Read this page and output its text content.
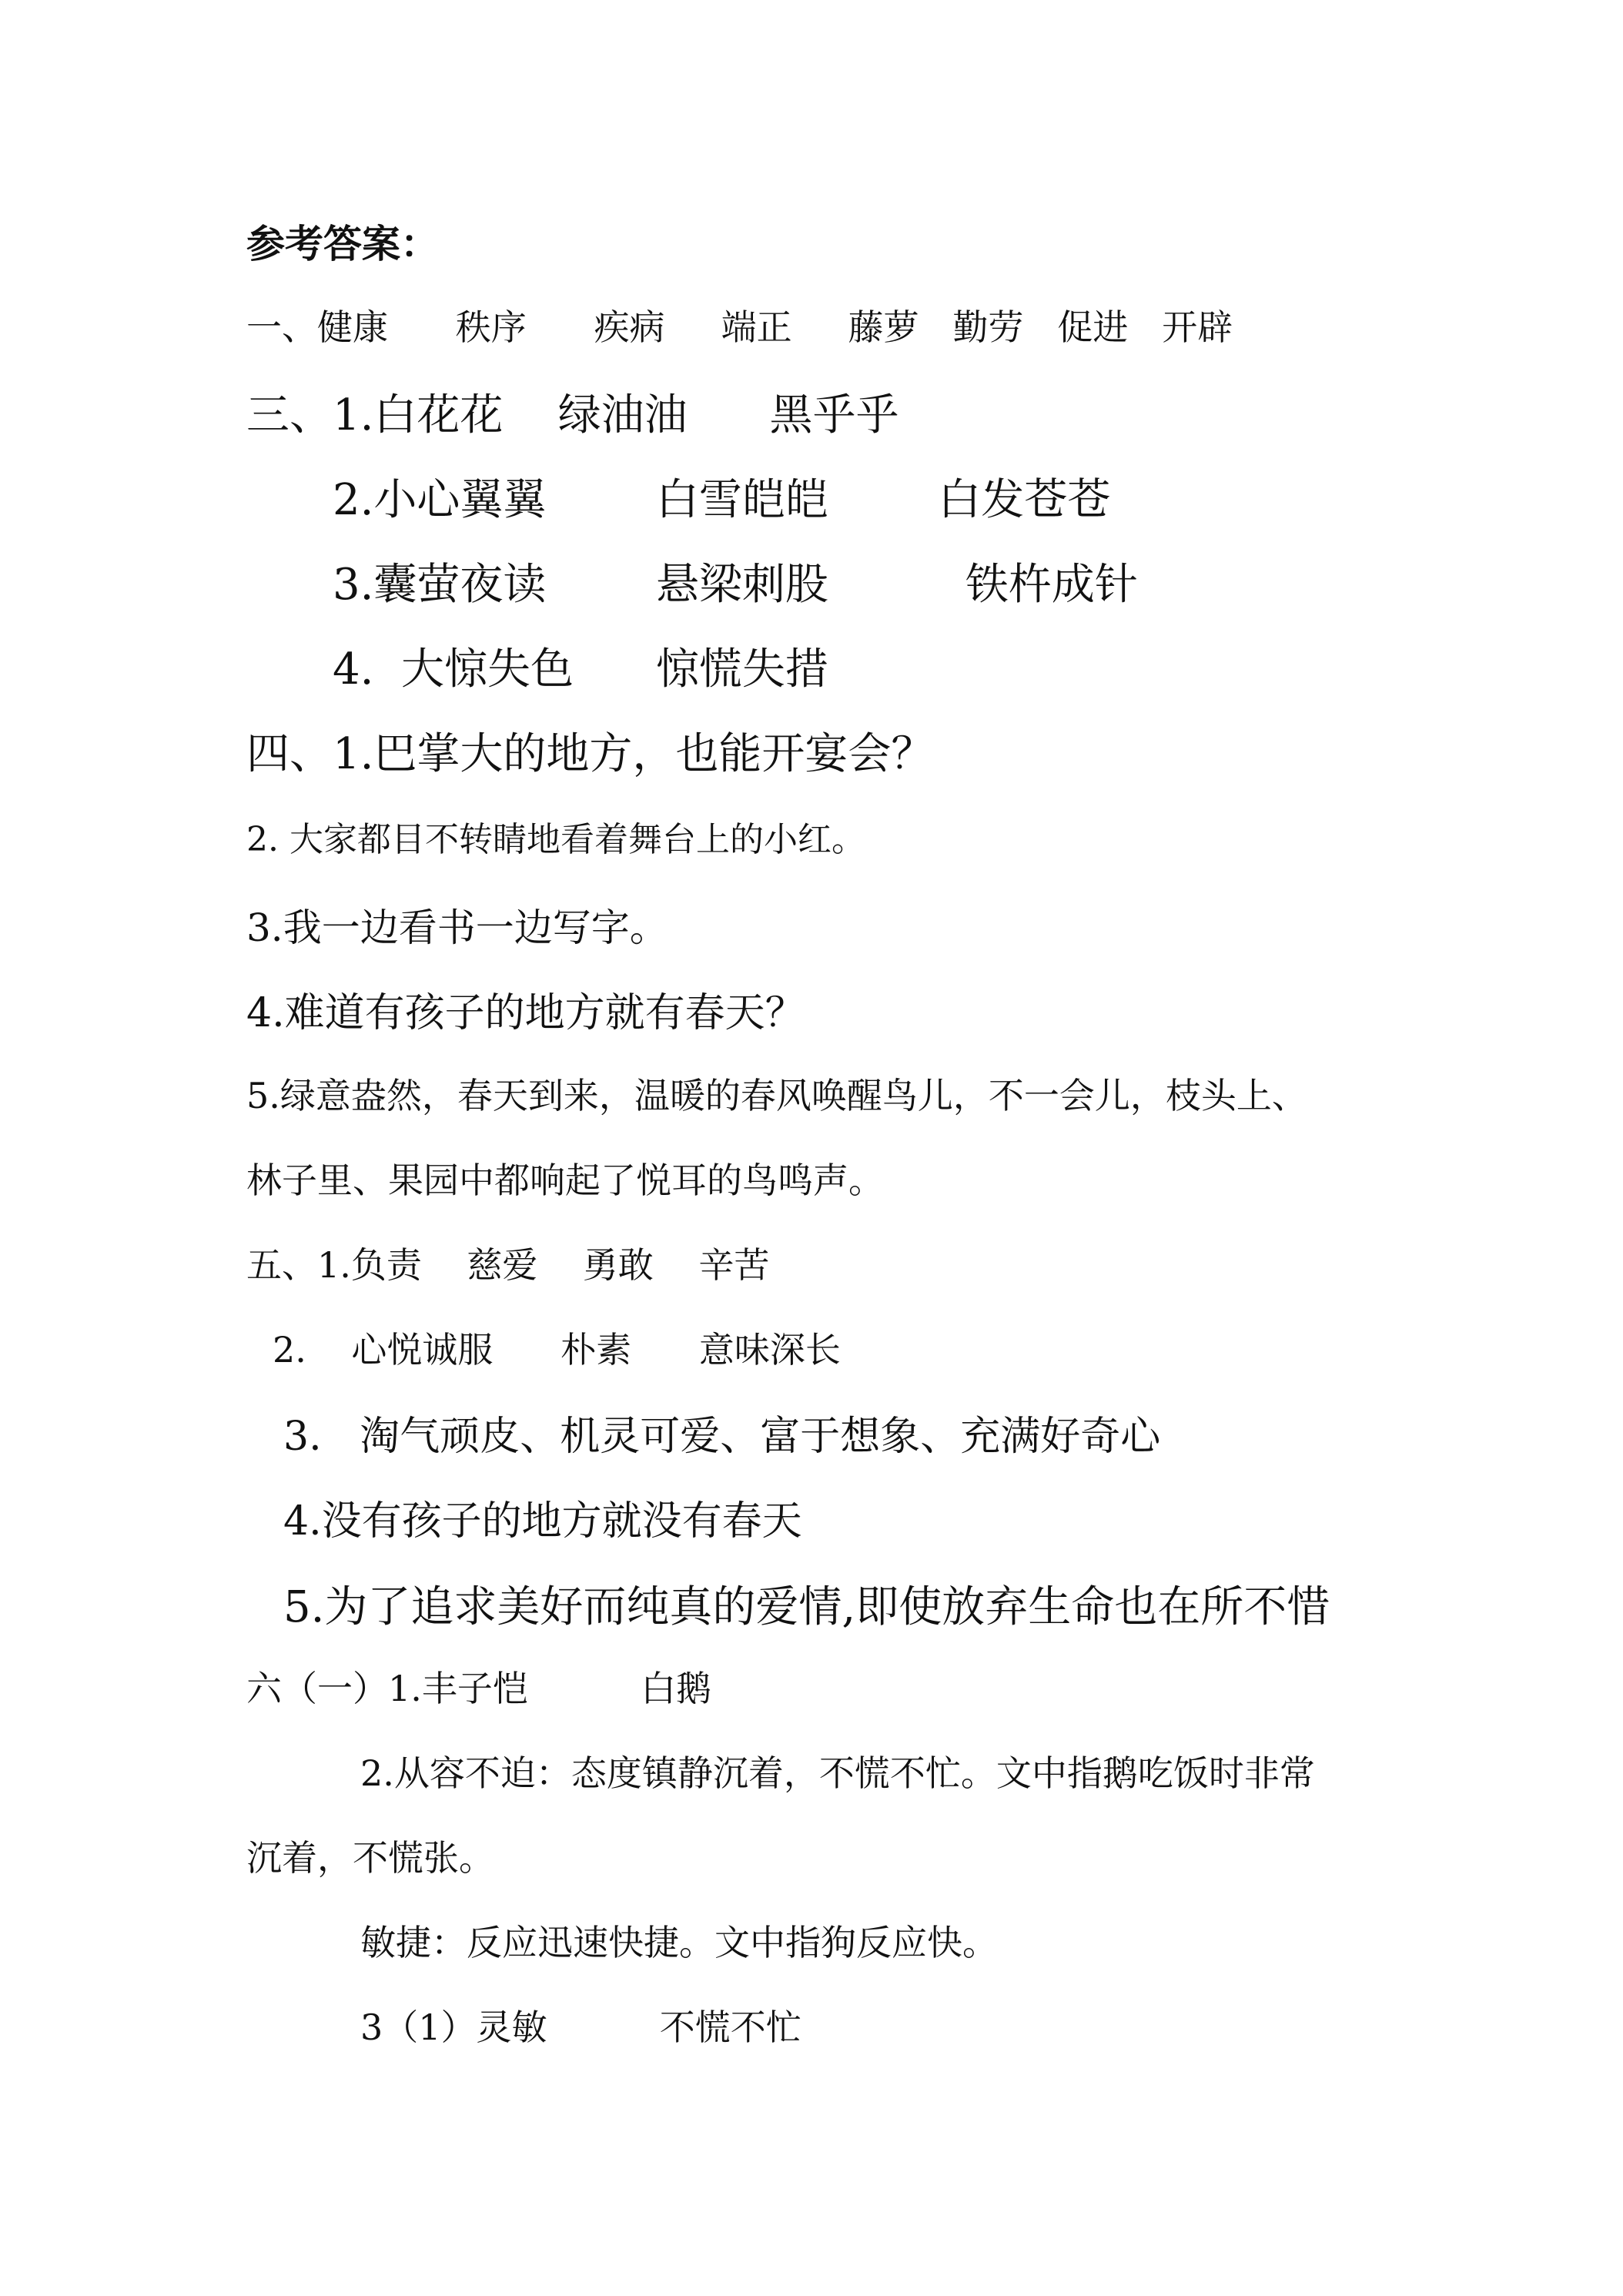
参考答案：
一、健康      秩序      疾病     端正     藤萝   勤劳   促进   开辟
三、1.白花花    绿油油      黑乎乎
2.小心翼翼        白雪皑皑        白发苍苍
3.囊萤夜读        悬梁刺股          铁杵成针
4.  大惊失色      惊慌失措
四、1.巴掌大的地方，也能开宴会？
2. 大家都目不转睛地看着舞台上的小红。
3.我一边看书一边写字。
4.难道有孩子的地方就有春天？
5.绿意盎然，春天到来，温暖的春风唤醒鸟儿，不一会儿，枝头上、
林子里、果园中都响起了悦耳的鸟鸣声。
五、1.负责    慈爱    勇敢    辛苦
2.    心悦诚服      朴素      意味深长
3.   淘气顽皮、机灵可爱、富于想象、充满好奇心
4.没有孩子的地方就没有春天
5.为了追求美好而纯真的爱情,即使放弃生命也在所不惜
六（一）1.丰子恺          白鹅
2.从容不迫：态度镇静沉着，不慌不忙。文中指鹅吃饭时非常
沉着，不慌张。
敏捷：反应迅速快捷。文中指狗反应快。
3（1）灵敏          不慌不忙
